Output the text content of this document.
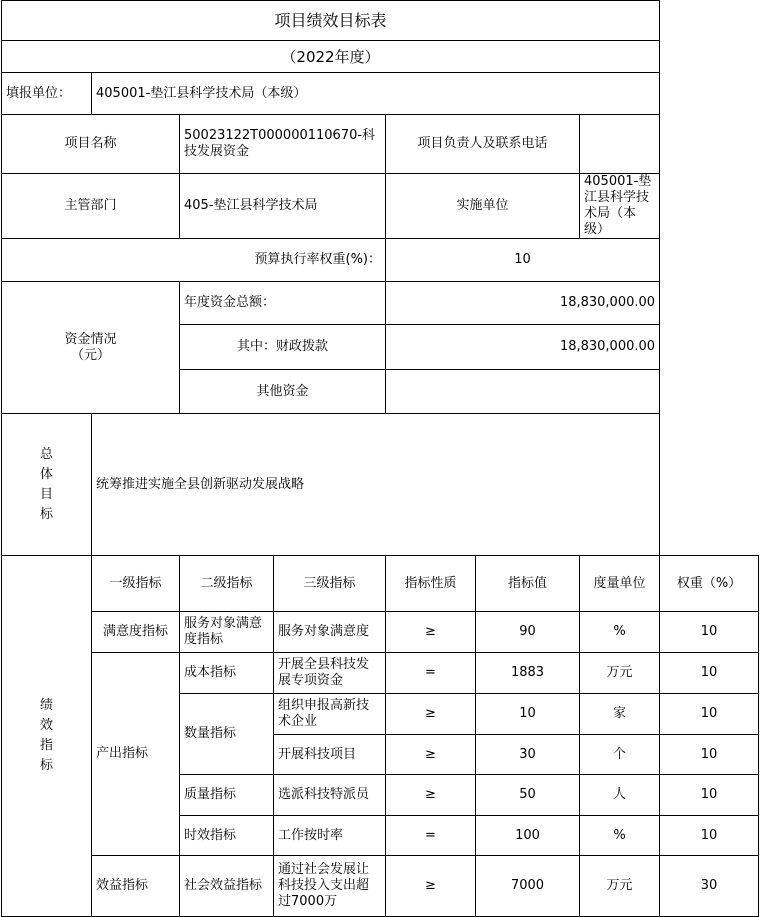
项目绩效目标表							
（2022年度）							
填报单位：	405001-垫江县科学技术局（本级）						
项目名称		50023122T000000110670-科技发展资金		项目负责人及联系电话			
主管部门		405-垫江县科学技术局		实施单位		405001-垫江县科学技术局（本级）	
预算执行率权重(%)：				10			

资金情况
（元）		年度资金总额：		18,830,000.00			
		其中：财政拨款		18,830,000.00			
		其他资金					

总
体
目
标	统筹推进实施全县创新驱动发展战略						

绩
效
指
标	一级指标	二级指标	三级指标	指标性质	指标值	度量单位	权重（%）
	满意度指标	服务对象满意度指标	服务对象满意度	≥	90	%	10
	产出指标	成本指标	开展全县科技发展专项资金	=	1883	万元	10
		数量指标	组织申报高新技术企业	≥	10	家	10
			开展科技项目	≥	30	个	10
		质量指标	选派科技特派员	≥	50	人	10
		时效指标	工作按时率	=	100	%	10
	效益指标	社会效益指标	通过社会发展让科技投入支出超过7000万	≥	7000	万元	30
